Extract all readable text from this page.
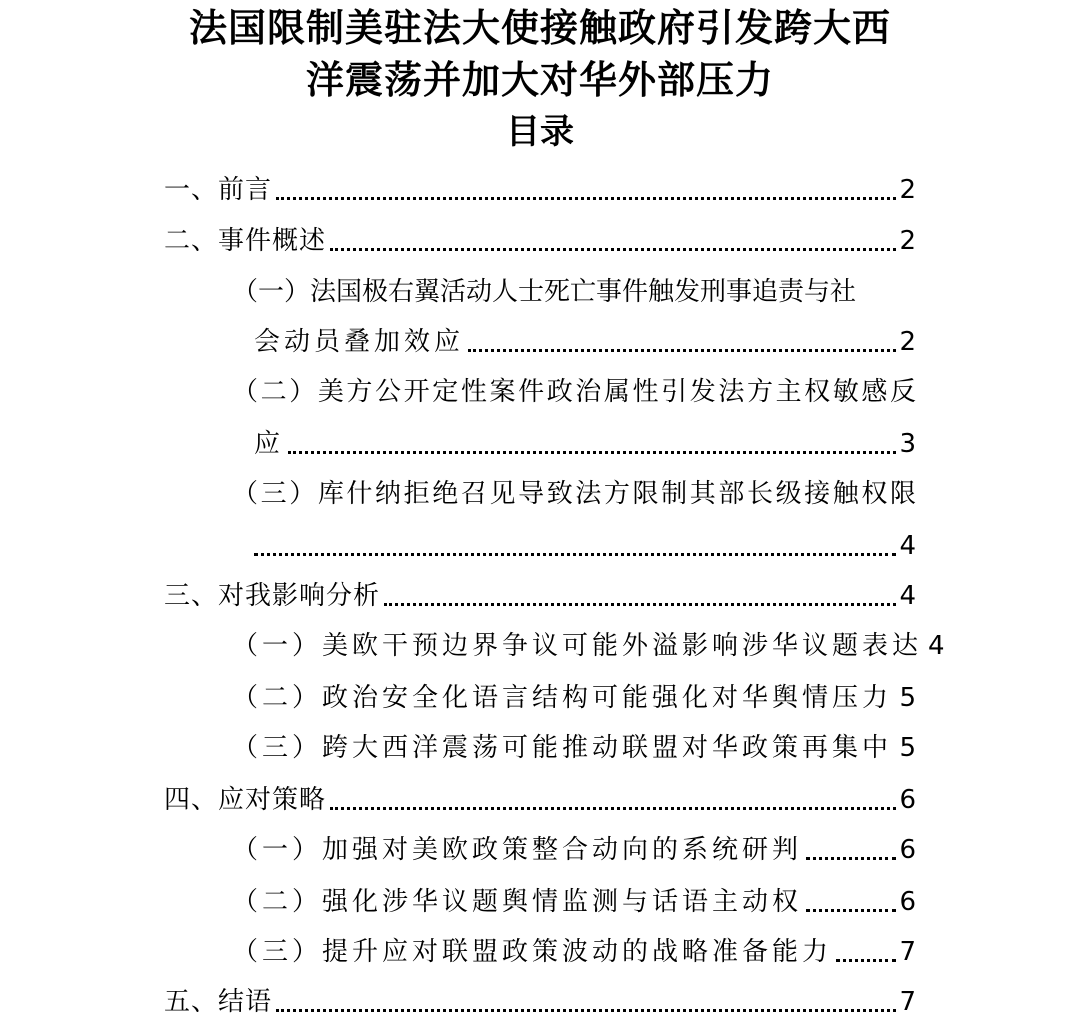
法国限制美驻法大使接触政府引发跨大西
洋震荡并加大对华外部压力
目录
一、前言	2
二、事件概述	2
（一）法国极右翼活动人士死亡事件触发刑事追责与社
会动员叠加效应	2
（二）美方公开定性案件政治属性引发法方主权敏感反
应	3
（三）库什纳拒绝召见导致法方限制其部长级接触权限
4
三、对我影响分析	4
（一）美欧干预边界争议可能外溢影响涉华议题表达 4
（二）政治安全化语言结构可能强化对华舆情压力 5
（三）跨大西洋震荡可能推动联盟对华政策再集中 5
四、应对策略	6
（一）加强对美欧政策整合动向的系统研判	6
（二）强化涉华议题舆情监测与话语主动权	6
（三）提升应对联盟政策波动的战略准备能力	7
五、结语	7
